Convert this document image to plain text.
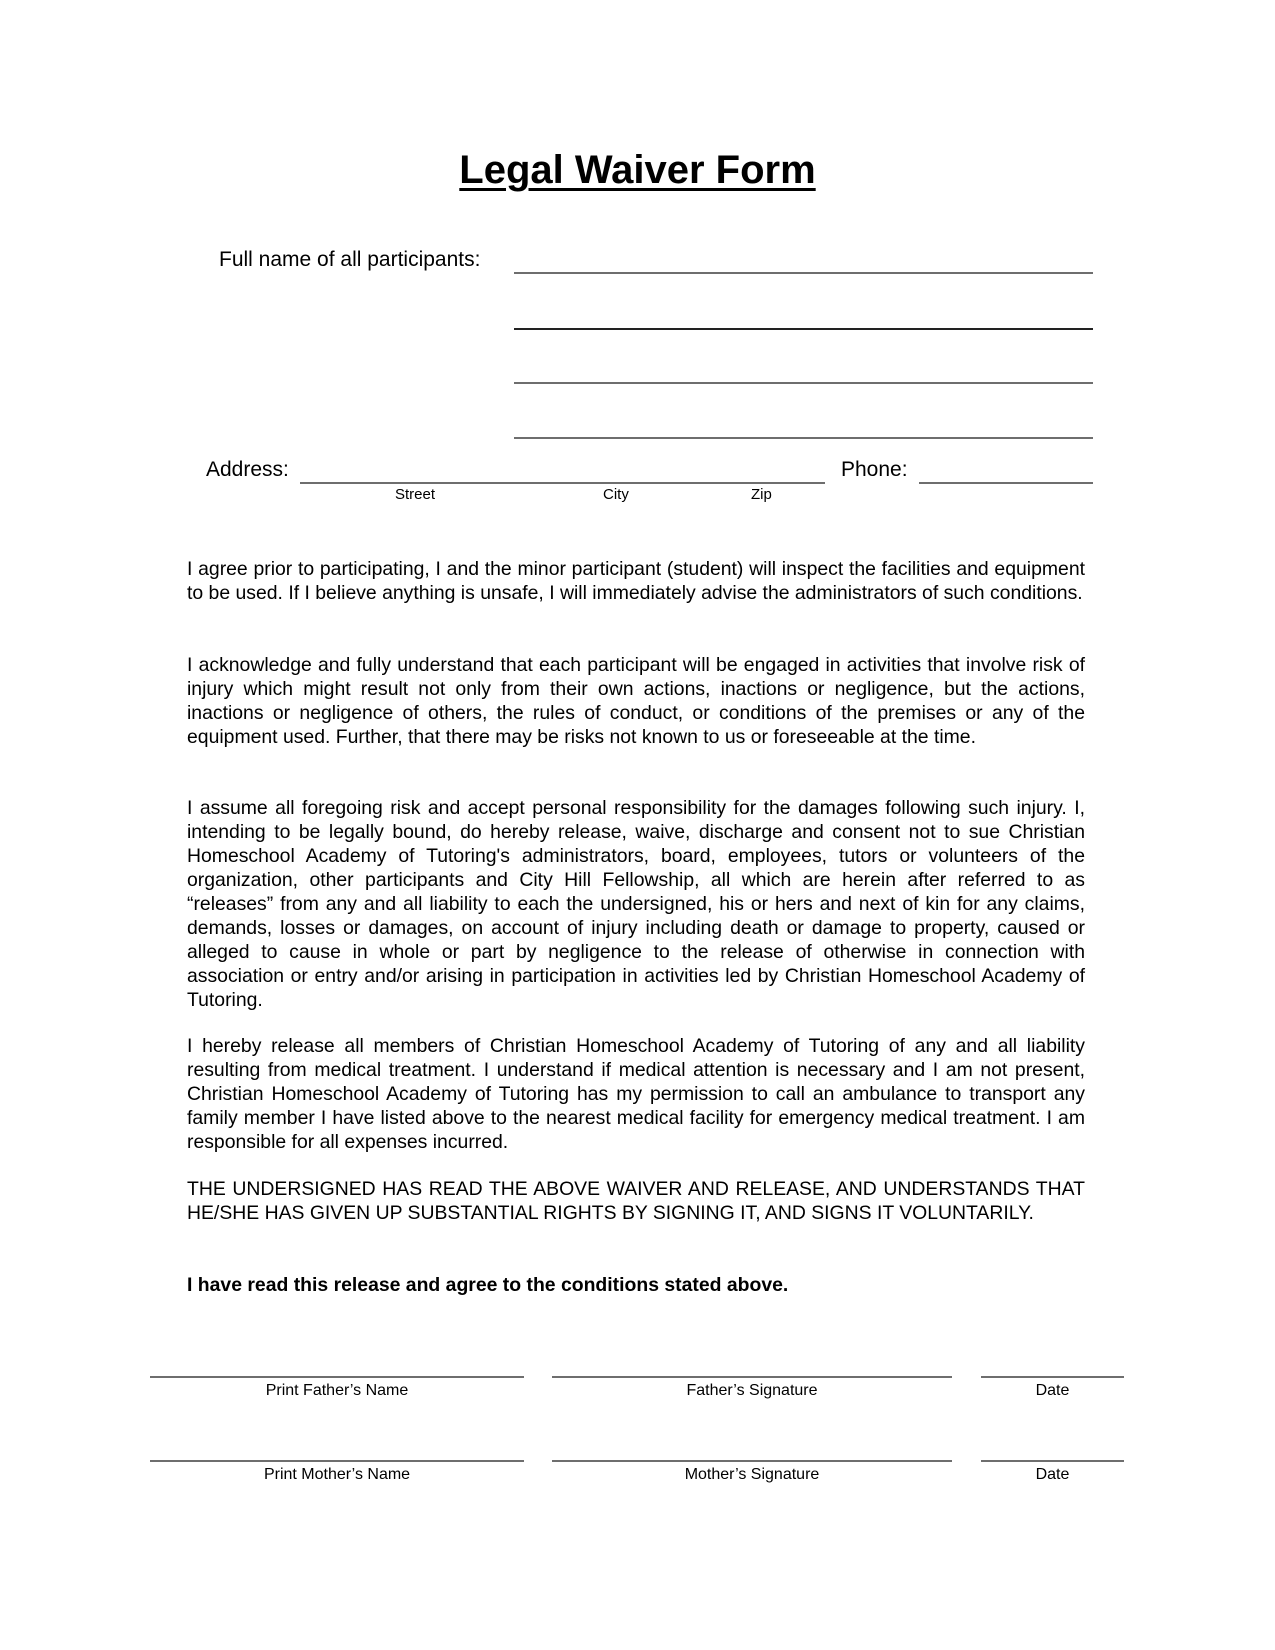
Legal Waiver Form
Full name of all participants:
Address:
Street	City	Zip
Phone:

I agree prior to participating, I and the minor participant (student) will inspect the facilities and equipment to be used. If I believe anything is unsafe, I will immediately advise the administrators of such conditions.

I acknowledge and fully understand that each participant will be engaged in activities that involve risk of injury which might result not only from their own actions, inactions or negligence, but the actions, inactions or negligence of others, the rules of conduct, or conditions of the premises or any of the equipment used. Further, that there may be risks not known to us or foreseeable at the time.

I assume all foregoing risk and accept personal responsibility for the damages following such injury. I, intending to be legally bound, do hereby release, waive, discharge and consent not to sue Christian Homeschool Academy of Tutoring's administrators, board, employees, tutors or volunteers of the organization, other participants and City Hill Fellowship, all which are herein after referred to as “releases” from any and all liability to each the undersigned, his or hers and next of kin for any claims, demands, losses or damages, on account of injury including death or damage to property, caused or alleged to cause in whole or part by negligence to the release of otherwise in connection with association or entry and/or arising in participation in activities led by Christian Homeschool Academy of Tutoring.

I hereby release all members of Christian Homeschool Academy of Tutoring of any and all liability resulting from medical treatment. I understand if medical attention is necessary and I am not present, Christian Homeschool Academy of Tutoring has my permission to call an ambulance to transport any family member I have listed above to the nearest medical facility for emergency medical treatment. I am responsible for all expenses incurred.

THE UNDERSIGNED HAS READ THE ABOVE WAIVER AND RELEASE, AND UNDERSTANDS THAT HE/SHE HAS GIVEN UP SUBSTANTIAL RIGHTS BY SIGNING IT, AND SIGNS IT VOLUNTARILY.

I have read this release and agree to the conditions stated above.

Print Father’s Name	Father’s Signature	Date
Print Mother’s Name	Mother’s Signature	Date
